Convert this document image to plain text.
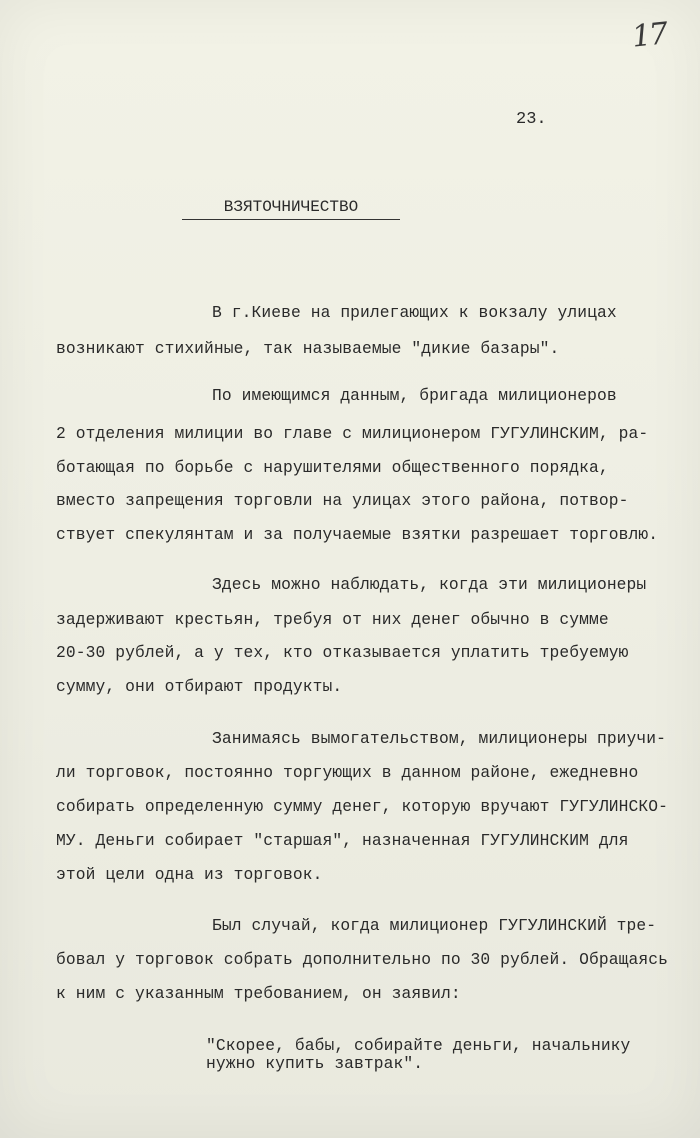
17
23.
ВЗЯТОЧНИЧЕСТВО
В г.Киеве на прилегающих к вокзалу улицах
возникают стихийные, так называемые "дикие базары".
По имеющимся данным, бригада милиционеров
2 отделения милиции во главе с милиционером ГУГУЛИНСКИМ, ра-
ботающая по борьбе с нарушителями общественного порядка,
вместо запрещения торговли на улицах этого района, потвор-
ствует спекулянтам и за получаемые взятки разрешает торговлю.
Здесь можно наблюдать, когда эти милиционеры
задерживают крестьян, требуя от них денег обычно в сумме
20-30 рублей, а у тех, кто отказывается уплатить требуемую
сумму, они отбирают продукты.
Занимаясь вымогательством, милиционеры приучи-
ли торговок, постоянно торгующих в данном районе, ежедневно
собирать определенную сумму денег, которую вручают ГУГУЛИНСКО-
МУ. Деньги собирает "старшая", назначенная ГУГУЛИНСКИМ для
этой цели одна из торговок.
Был случай, когда милиционер ГУГУЛИНСКИЙ тре-
бовал у торговок собрать дополнительно по 30 рублей. Обращаясь
к ним с указанным требованием, он заявил:
"Скорее, бабы, собирайте деньги, начальнику
нужно купить завтрак".
